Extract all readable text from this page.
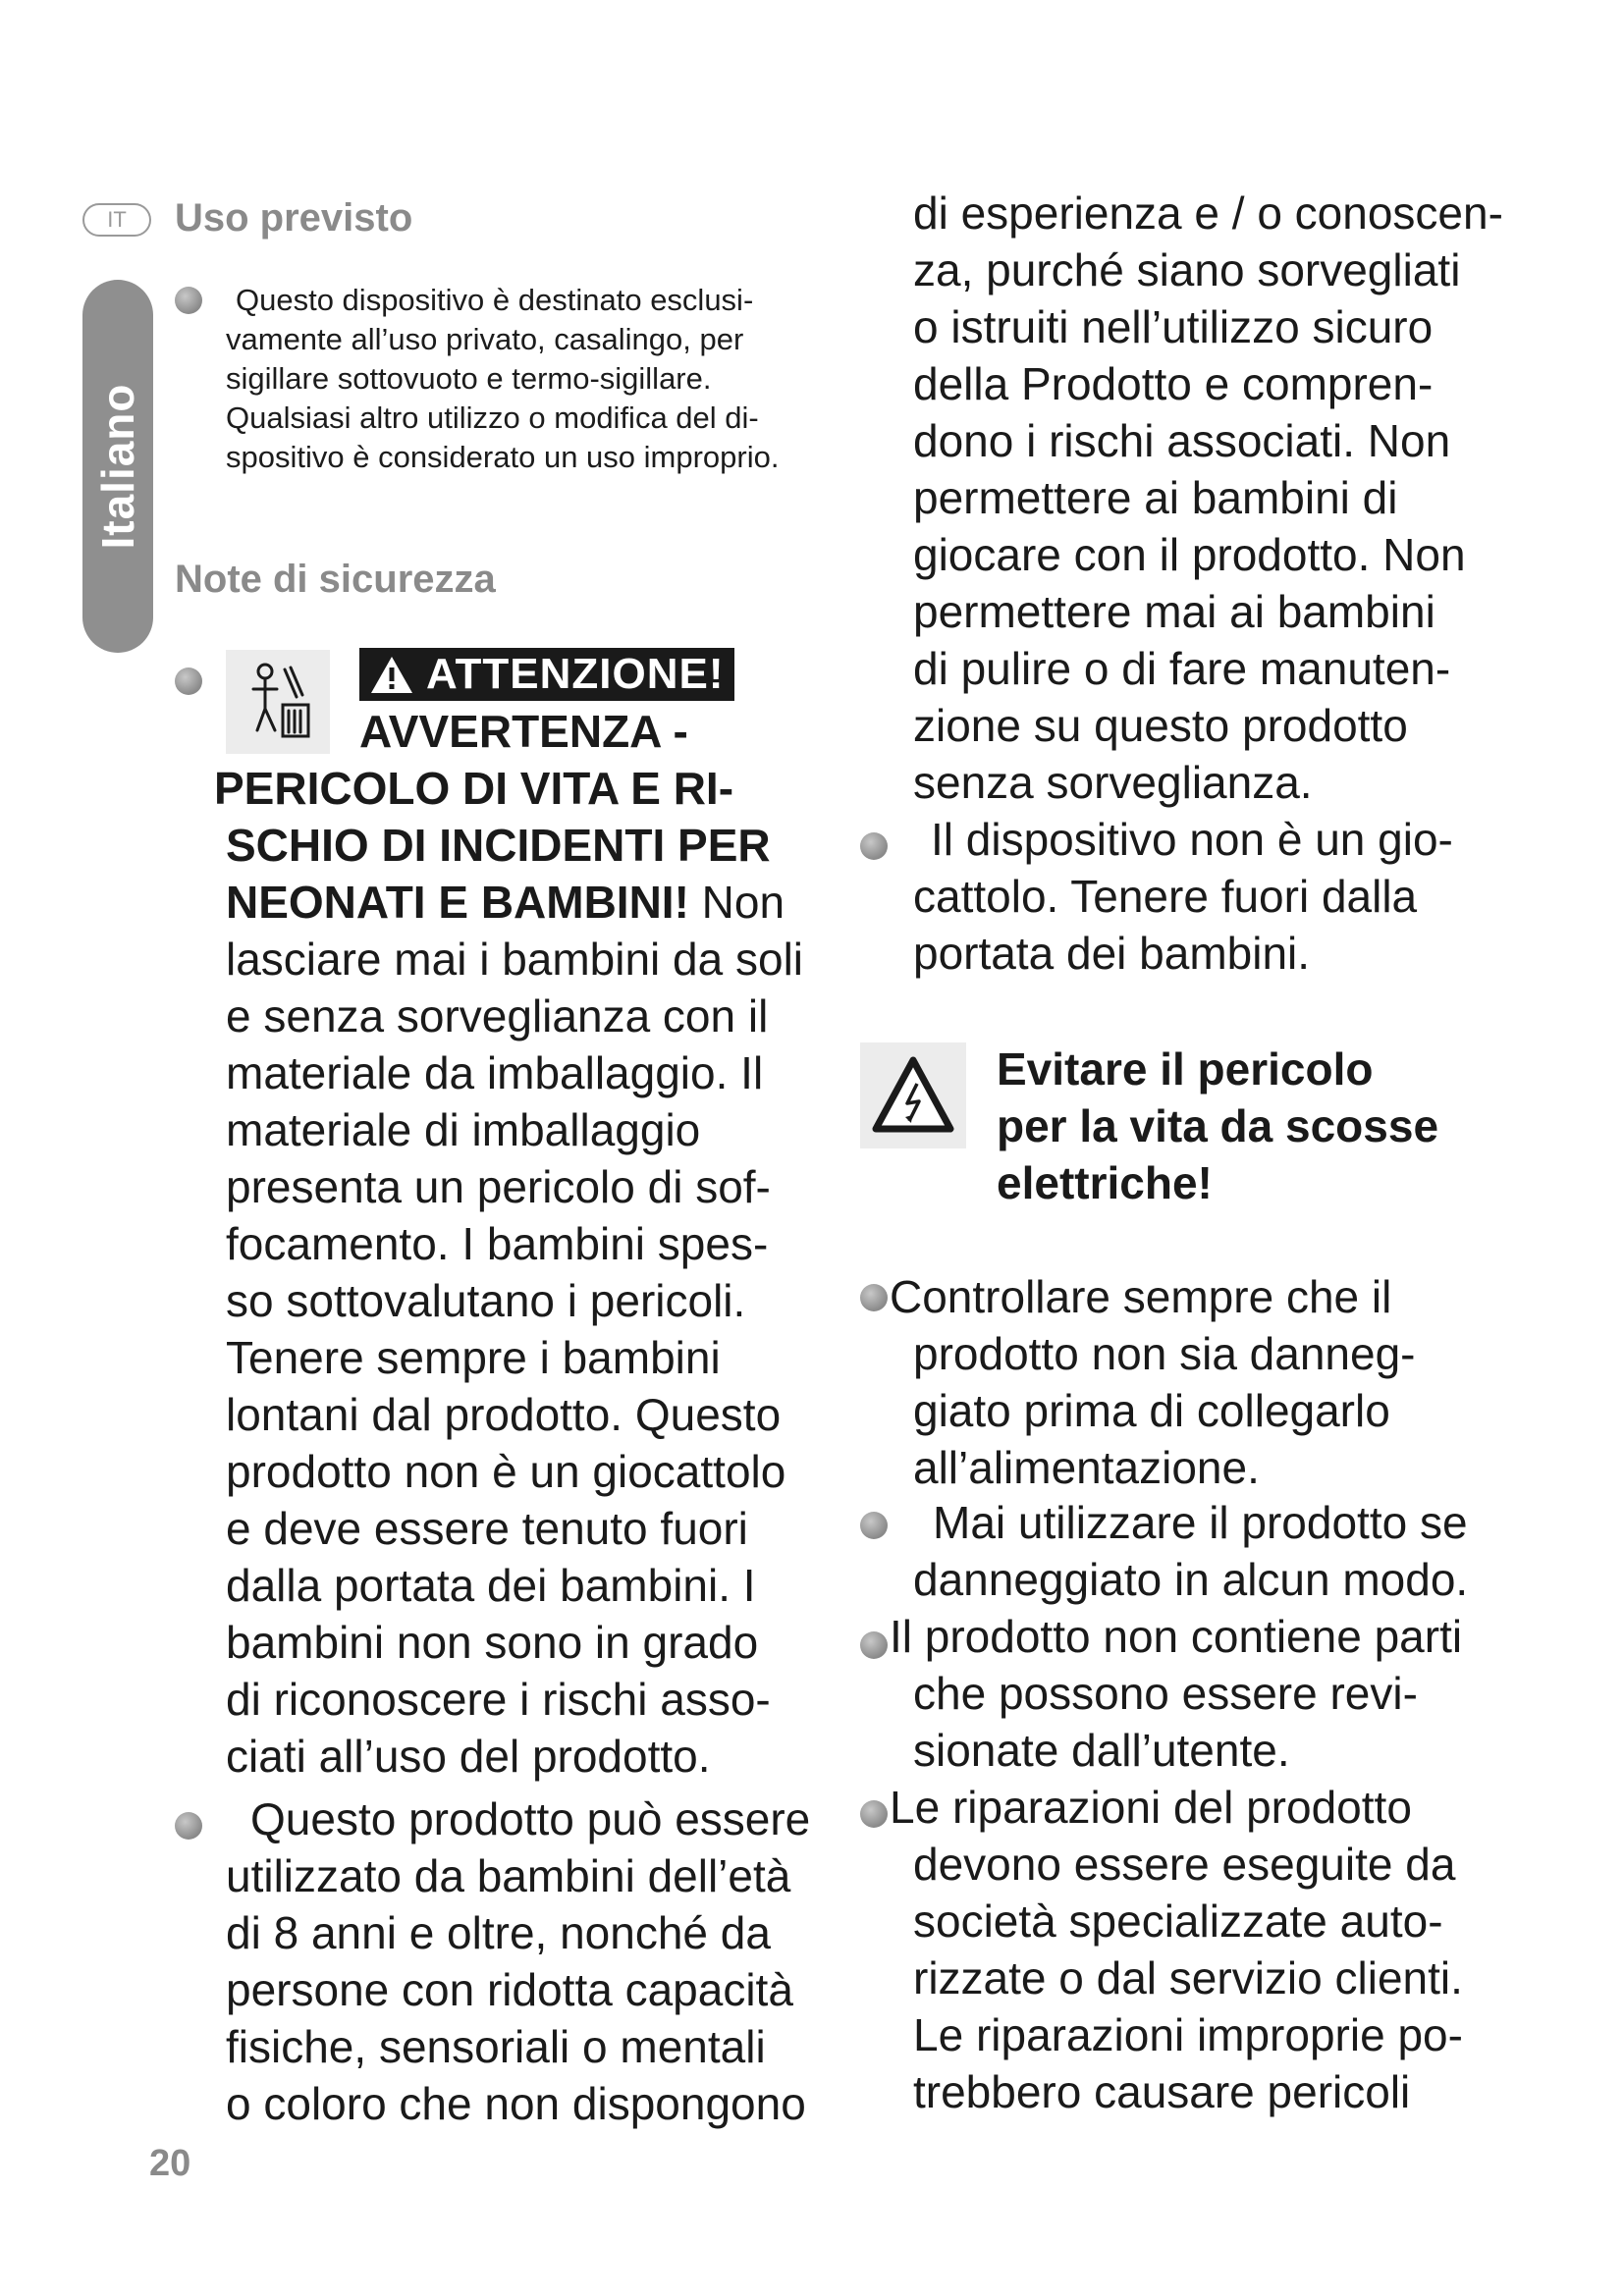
IT	Uso previsto
Italiano
Questo dispositivo è destinato esclusi-
vamente all’uso privato, casalingo, per
sigillare sottovuoto e termo-sigillare.
Qualsiasi altro utilizzo o modifica del di-
spositivo è considerato un uso improprio.
Note di sicurezza
ATTENZIONE!
AVVERTENZA -
PERICOLO DI VITA E RI-
SCHIO DI INCIDENTI PER
NEONATI E BAMBINI! Non
lasciare mai i bambini da soli
e senza sorveglianza con il
materiale da imballaggio. Il
materiale di imballaggio
presenta un pericolo di sof-
focamento. I bambini spes-
so sottovalutano i pericoli.
Tenere sempre i bambini
lontani dal prodotto. Questo
prodotto non è un giocattolo
e deve essere tenuto fuori
dalla portata dei bambini. I
bambini non sono in grado
di riconoscere i rischi asso-
ciati all’uso del prodotto.
Questo prodotto può essere
utilizzato da bambini dell’età
di 8 anni e oltre, nonché da
persone con ridotta capacità
fisiche, sensoriali o mentali
o coloro che non dispongono
di esperienza e / o conoscen-
za, purché siano sorvegliati
o istruiti nell’utilizzo sicuro
della Prodotto e compren-
dono i rischi associati. Non
permettere ai bambini di
giocare con il prodotto. Non
permettere mai ai bambini
di pulire o di fare manuten-
zione su questo prodotto
senza sorveglianza.
Il dispositivo non è un gio-
cattolo. Tenere fuori dalla
portata dei bambini.
Evitare il pericolo
per la vita da scosse
elettriche!
Controllare sempre che il
prodotto non sia danneg-
giato prima di collegarlo
all’alimentazione.
Mai utilizzare il prodotto se
danneggiato in alcun modo.
Il prodotto non contiene parti
che possono essere revi-
sionate dall’utente.
Le riparazioni del prodotto
devono essere eseguite da
società specializzate auto-
rizzate o dal servizio clienti.
Le riparazioni improprie po-
trebbero causare pericoli
20
